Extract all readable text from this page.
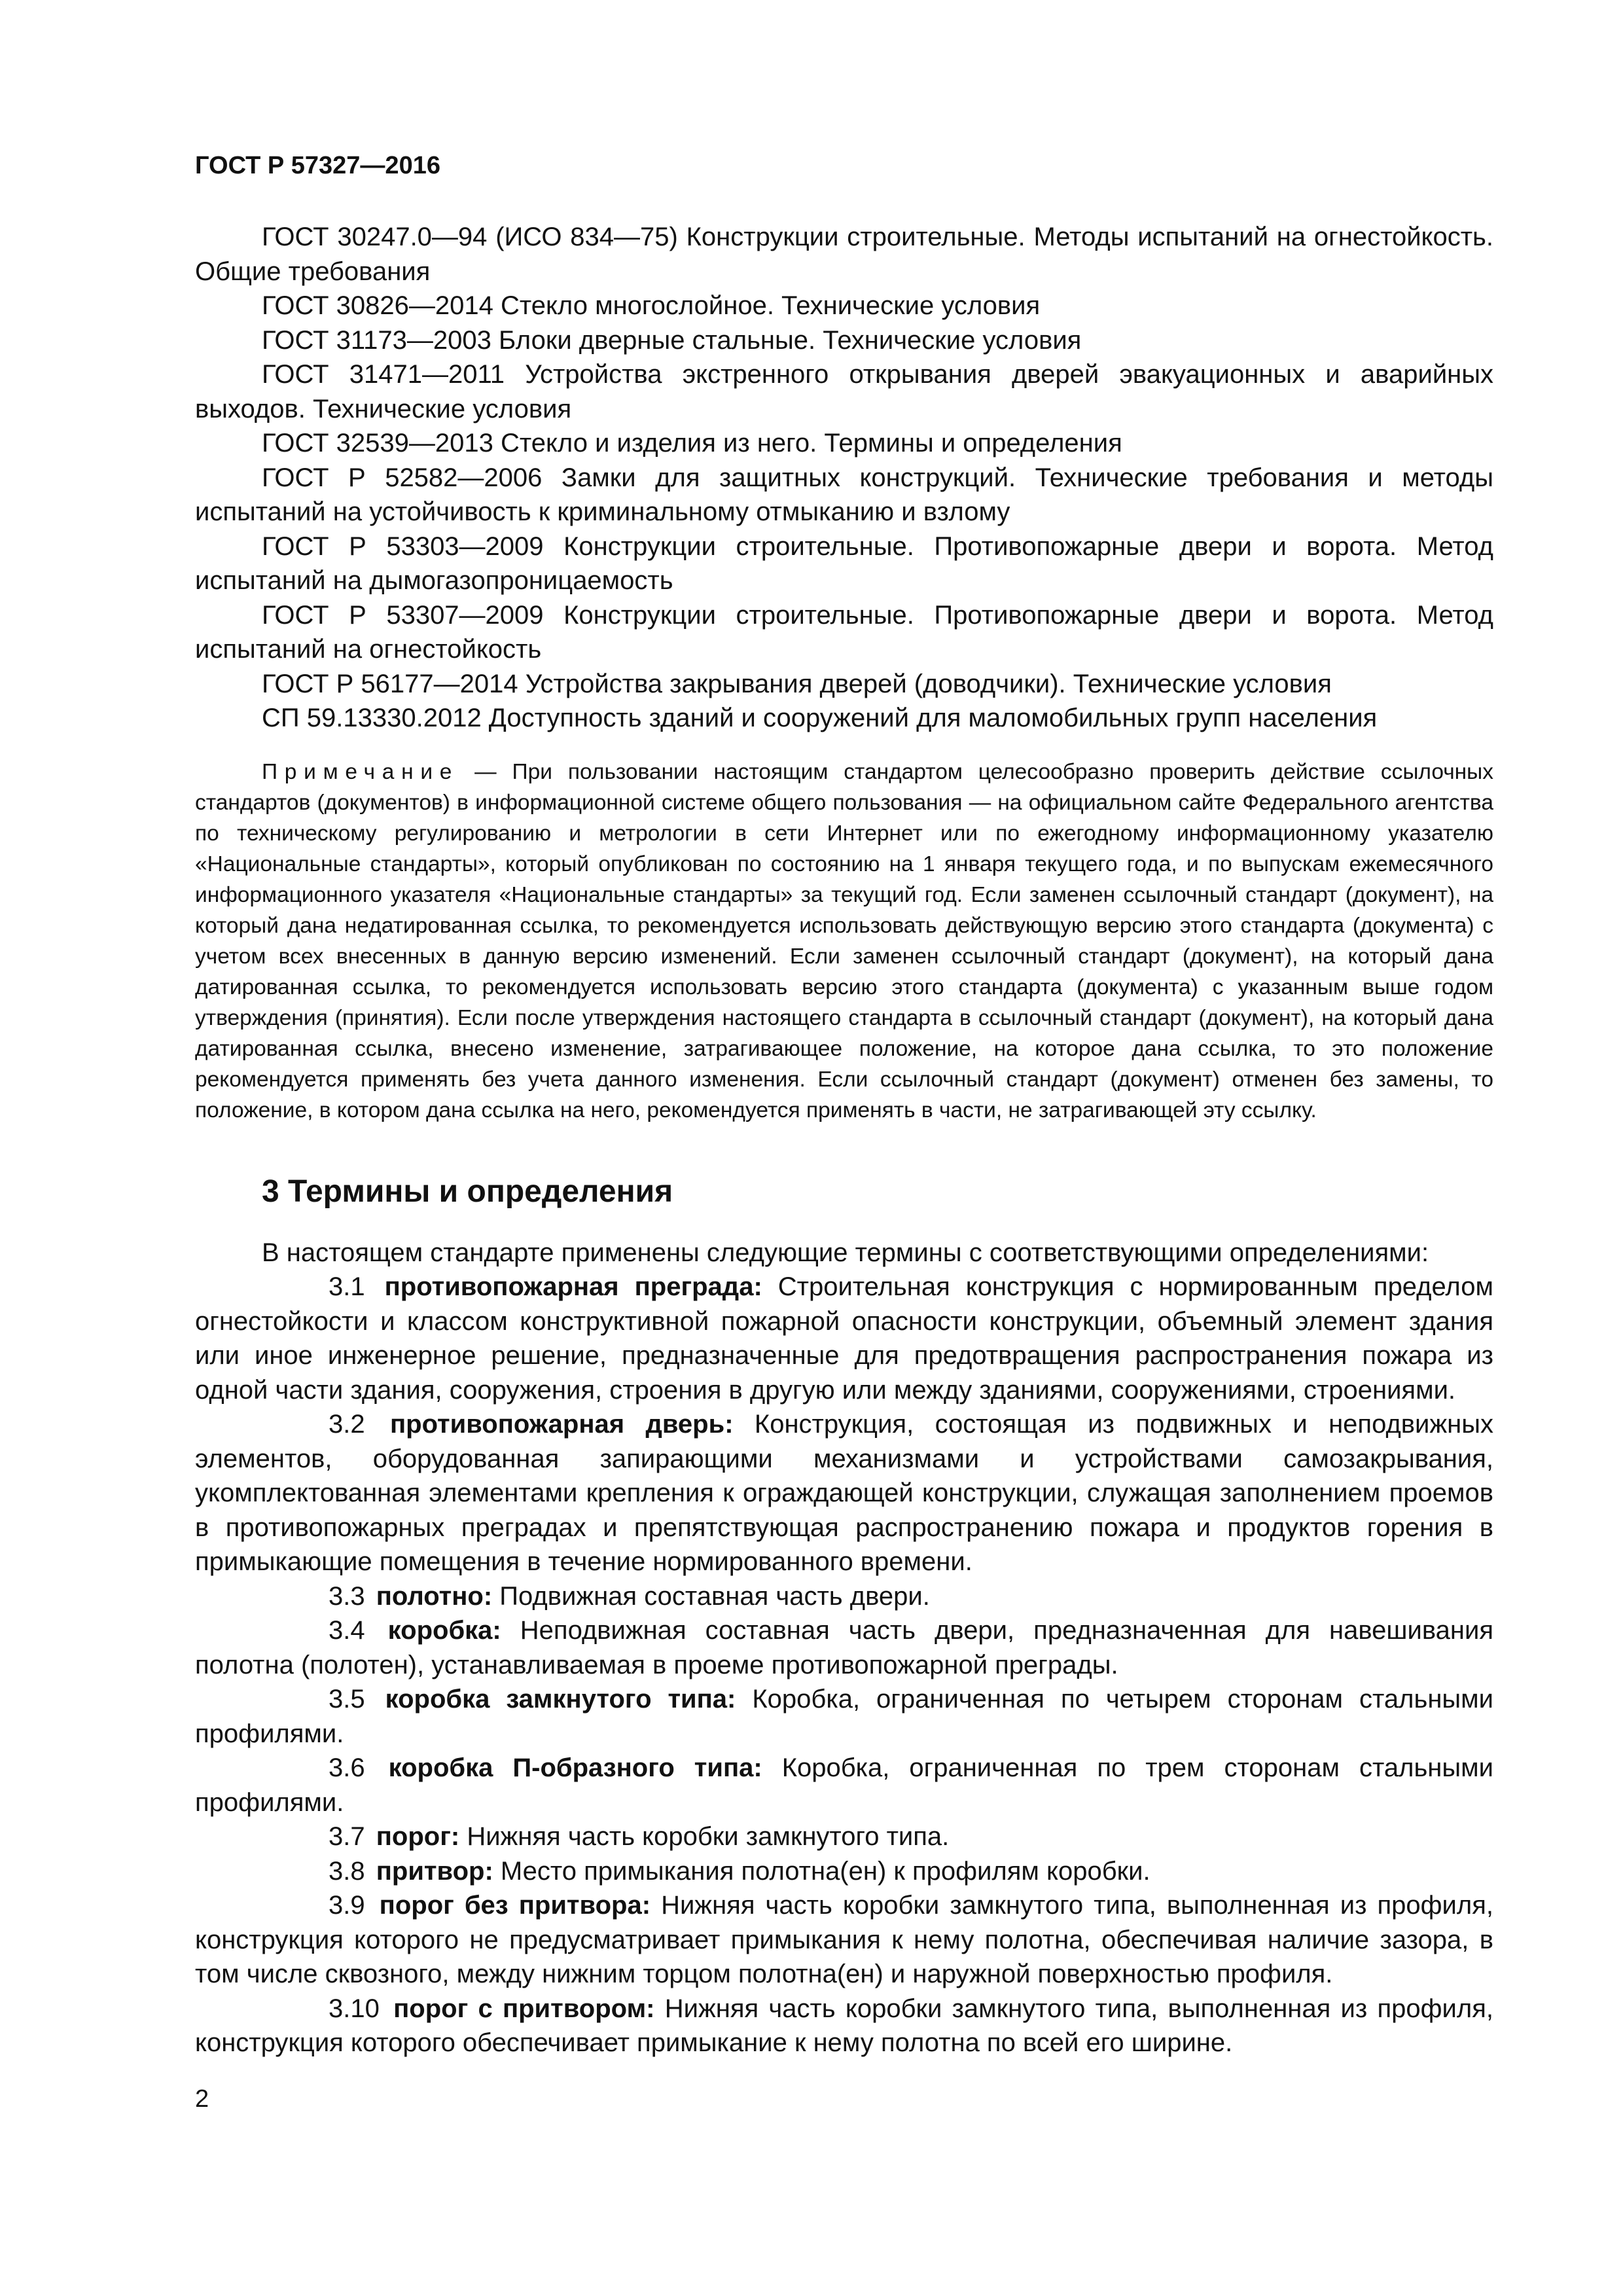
ГОСТ Р 57327—2016

ГОСТ 30247.0—94 (ИСО 834—75) Конструкции строительные. Методы испытаний на огнестойкость. Общие требования

ГОСТ 30826—2014 Стекло многослойное. Технические условия

ГОСТ 31173—2003 Блоки дверные стальные. Технические условия

ГОСТ 31471—2011 Устройства экстренного открывания дверей эвакуационных и аварийных выходов. Технические условия

ГОСТ 32539—2013 Стекло и изделия из него. Термины и определения

ГОСТ Р 52582—2006 Замки для защитных конструкций. Технические требования и методы испытаний на устойчивость к криминальному отмыканию и взлому

ГОСТ Р 53303—2009 Конструкции строительные. Противопожарные двери и ворота. Метод испытаний на дымогазопроницаемость

ГОСТ Р 53307—2009 Конструкции строительные. Противопожарные двери и ворота. Метод испытаний на огнестойкость

ГОСТ Р 56177—2014 Устройства закрывания дверей (доводчики). Технические условия

СП 59.13330.2012 Доступность зданий и сооружений для маломобильных групп населения

Примечание — При пользовании настоящим стандартом целесообразно проверить действие ссылочных стандартов (документов) в информационной системе общего пользования — на официальном сайте Федерального агентства по техническому регулированию и метрологии в сети Интернет или по ежегодному информационному указателю «Национальные стандарты», который опубликован по состоянию на 1 января текущего года, и по выпускам ежемесячного информационного указателя «Национальные стандарты» за текущий год. Если заменен ссылочный стандарт (документ), на который дана недатированная ссылка, то рекомендуется использовать действующую версию этого стандарта (документа) с учетом всех внесенных в данную версию изменений. Если заменен ссылочный стандарт (документ), на который дана датированная ссылка, то рекомендуется использовать версию этого стандарта (документа) с указанным выше годом утверждения (принятия). Если после утверждения настоящего стандарта в ссылочный стандарт (документ), на который дана датированная ссылка, внесено изменение, затрагивающее положение, на которое дана ссылка, то это положение рекомендуется применять без учета данного изменения. Если ссылочный стандарт (документ) отменен без замены, то положение, в котором дана ссылка на него, рекомендуется применять в части, не затрагивающей эту ссылку.

3 Термины и определения

В настоящем стандарте применены следующие термины с соответствующими определениями:

3.1 противопожарная преграда: Строительная конструкция с нормированным пределом огнестойкости и классом конструктивной пожарной опасности конструкции, объемный элемент здания или иное инженерное решение, предназначенные для предотвращения распространения пожара из одной части здания, сооружения, строения в другую или между зданиями, сооружениями, строениями.

3.2 противопожарная дверь: Конструкция, состоящая из подвижных и неподвижных элементов, оборудованная запирающими механизмами и устройствами самозакрывания, укомплектованная элементами крепления к ограждающей конструкции, служащая заполнением проемов в противопожарных преградах и препятствующая распространению пожара и продуктов горения в примыкающие помещения в течение нормированного времени.

3.3 полотно: Подвижная составная часть двери.

3.4 коробка: Неподвижная составная часть двери, предназначенная для навешивания полотна (полотен), устанавливаемая в проеме противопожарной преграды.

3.5 коробка замкнутого типа: Коробка, ограниченная по четырем сторонам стальными профилями.

3.6 коробка П-образного типа: Коробка, ограниченная по трем сторонам стальными профилями.

3.7 порог: Нижняя часть коробки замкнутого типа.

3.8 притвор: Место примыкания полотна(ен) к профилям коробки.

3.9 порог без притвора: Нижняя часть коробки замкнутого типа, выполненная из профиля, конструкция которого не предусматривает примыкания к нему полотна, обеспечивая наличие зазора, в том числе сквозного, между нижним торцом полотна(ен) и наружной поверхностью профиля.

3.10 порог с притвором: Нижняя часть коробки замкнутого типа, выполненная из профиля, конструкция которого обеспечивает примыкание к нему полотна по всей его ширине.

2
